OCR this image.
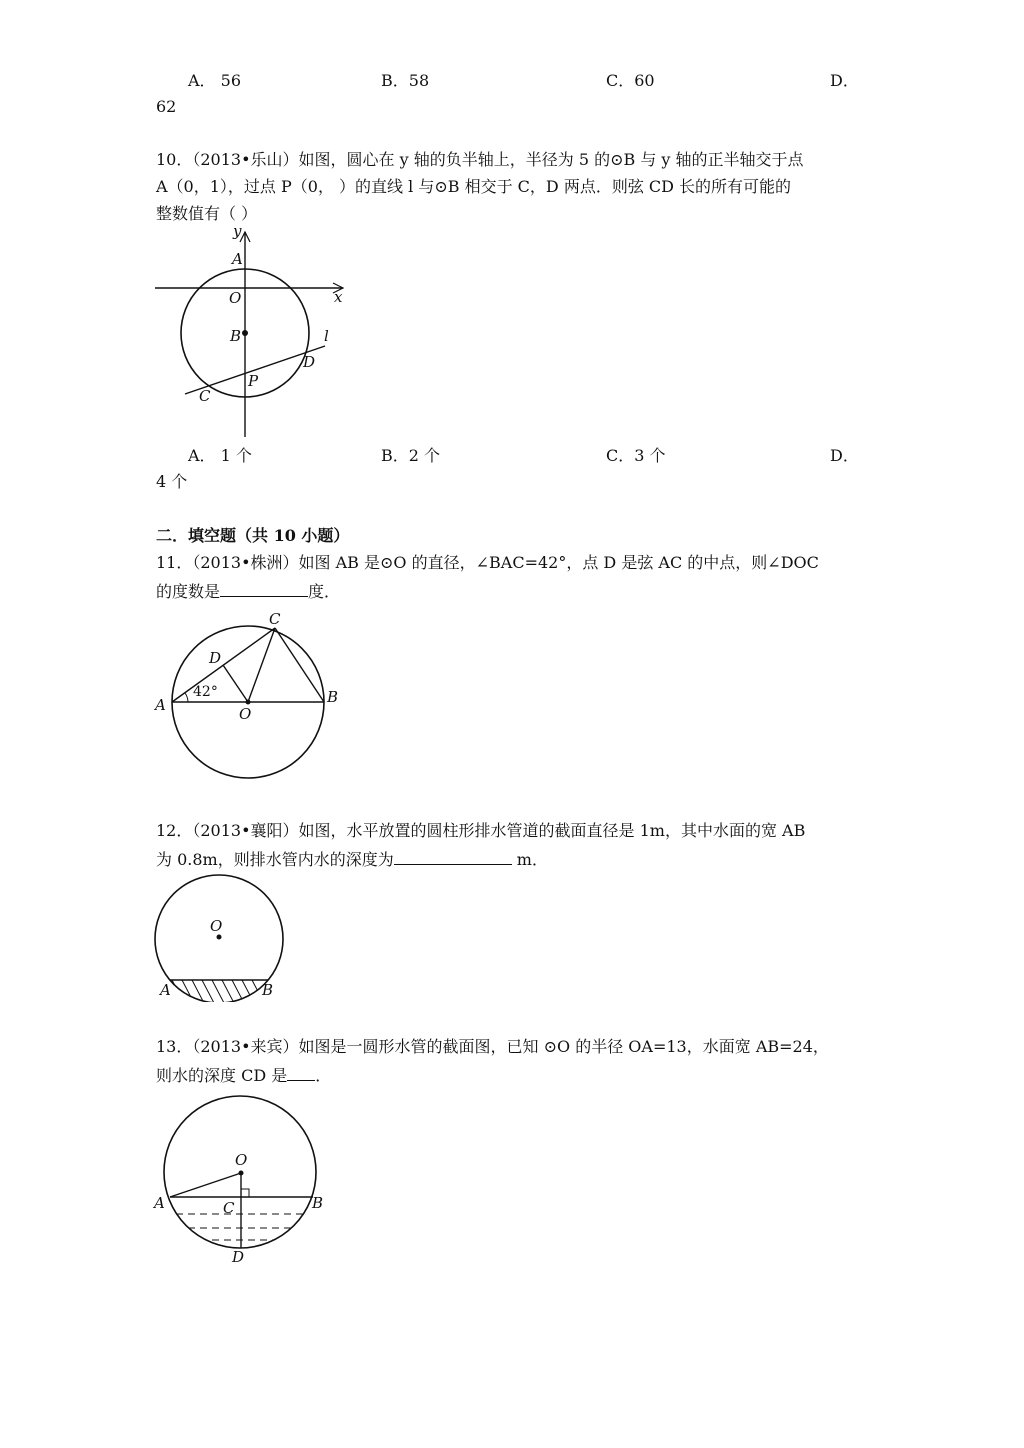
A． 56	B．58	C．60	D．
62
10．（2013•乐山）如图，圆心在 y 轴的负半轴上，半径为 5 的⊙B 与 y 轴的正半轴交于点
A（0，1），过点 P（0， ）的直线 l 与⊙B 相交于 C，D 两点．则弦 CD 长的所有可能的
整数值有（ ）
y
A
O	x
B	l
D
P
C
A． 1 个	B．2 个	C．3 个	D．
4 个
二．填空题（共 10 小题）
11．（2013•株洲）如图 AB 是⊙O 的直径，∠BAC=42°，点 D 是弦 AC 的中点，则∠DOC
的度数是	度．
A	B
C
D
O
42°
12．（2013•襄阳）如图，水平放置的圆柱形排水管道的截面直径是 1m，其中水面的宽 AB
为 0.8m，则排水管内水的深度为	m．
O
A	B
13．（2013•来宾）如图是一圆形水管的截面图，已知 ⊙O 的半径 OA=13，水面宽 AB=24，
则水的深度 CD 是 ．
O
A	B
C
D
